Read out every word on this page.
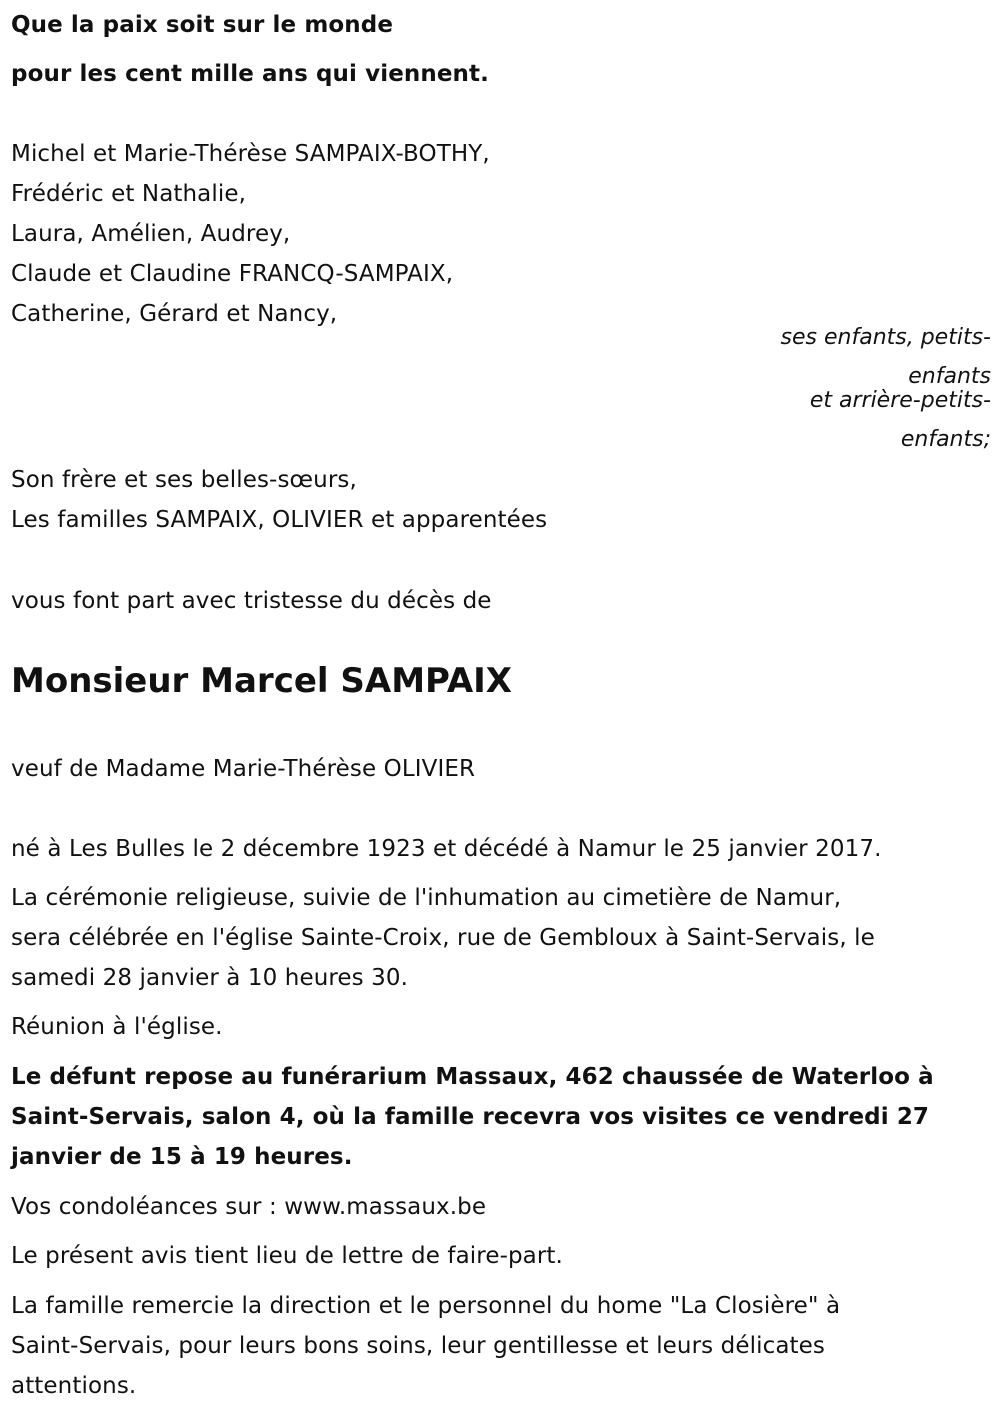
Que la paix soit sur le monde
pour les cent mille ans qui viennent.
Michel et Marie-Thérèse SAMPAIX-BOTHY,
Frédéric et Nathalie,
Laura, Amélien, Audrey,
Claude et Claudine FRANCQ-SAMPAIX,
Catherine, Gérard et Nancy,
ses enfants, petits-
enfants
et arrière-petits-
enfants;
Son frère et ses belles-sœurs,
Les familles SAMPAIX, OLIVIER et apparentées
vous font part avec tristesse du décès de
Monsieur Marcel SAMPAIX
veuf de Madame Marie-Thérèse OLIVIER
né à Les Bulles le 2 décembre 1923 et décédé à Namur le 25 janvier 2017.
La cérémonie religieuse, suivie de l'inhumation au cimetière de Namur,
sera célébrée en l'église Sainte-Croix, rue de Gembloux à Saint-Servais, le
samedi 28 janvier à 10 heures 30.
Réunion à l'église.
Le défunt repose au funérarium Massaux, 462 chaussée de Waterloo à
Saint-Servais, salon 4, où la famille recevra vos visites ce vendredi 27
janvier de 15 à 19 heures.
Vos condoléances sur : www.massaux.be
Le présent avis tient lieu de lettre de faire-part.
La famille remercie la direction et le personnel du home "La Closière" à
Saint-Servais, pour leurs bons soins, leur gentillesse et leurs délicates
attentions.
